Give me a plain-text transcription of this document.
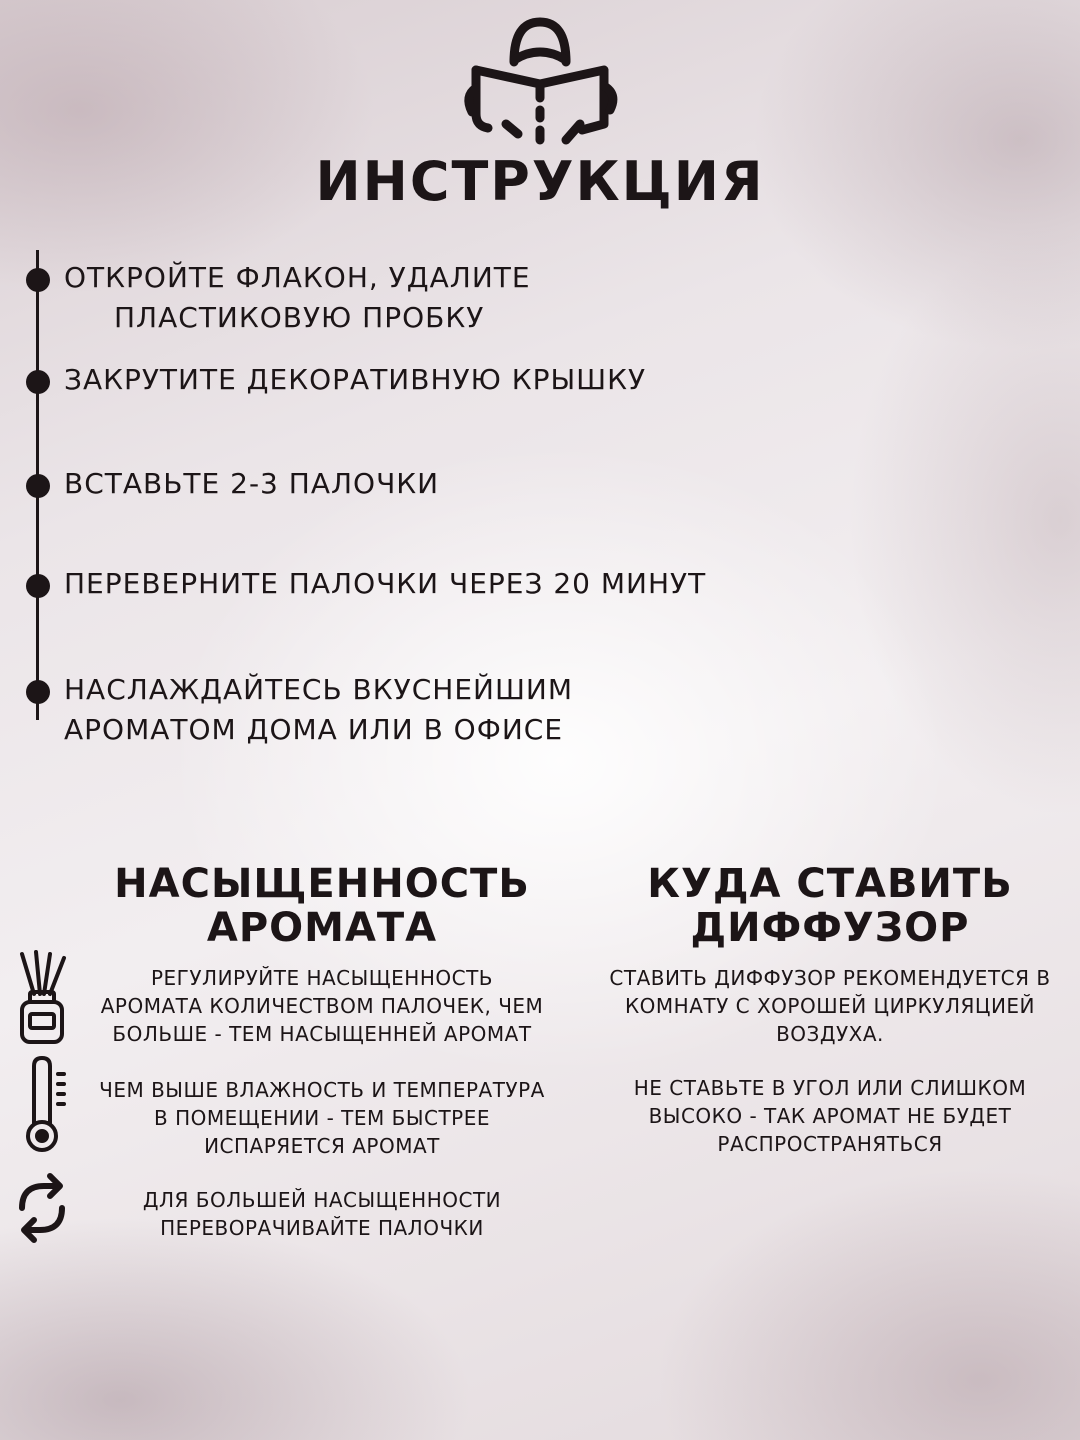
ИНСТРУКЦИЯ
ОТКРОЙТЕ ФЛАКОН, УДАЛИТЕ
ПЛАСТИКОВУЮ ПРОБКУ
ЗАКРУТИТЕ ДЕКОРАТИВНУЮ КРЫШКУ
ВСТАВЬТЕ 2-3 ПАЛОЧКИ
ПЕРЕВЕРНИТЕ ПАЛОЧКИ ЧЕРЕЗ 20 МИНУТ
НАСЛАЖДАЙТЕСЬ ВКУСНЕЙШИМ
АРОМАТОМ ДОМА ИЛИ В ОФИСЕ
НАСЫЩЕННОСТЬ
АРОМАТА
РЕГУЛИРУЙТЕ НАСЫЩЕННОСТЬ
АРОМАТА КОЛИЧЕСТВОМ ПАЛОЧЕК, ЧЕМ
БОЛЬШЕ - ТЕМ НАСЫЩЕННЕЙ АРОМАТ
ЧЕМ ВЫШЕ ВЛАЖНОСТЬ И ТЕМПЕРАТУРА
В ПОМЕЩЕНИИ - ТЕМ БЫСТРЕЕ
ИСПАРЯЕТСЯ АРОМАТ
ДЛЯ БОЛЬШЕЙ НАСЫЩЕННОСТИ
ПЕРЕВОРАЧИВАЙТЕ ПАЛОЧКИ
КУДА СТАВИТЬ
ДИФФУЗОР
СТАВИТЬ ДИФФУЗОР РЕКОМЕНДУЕТСЯ В
КОМНАТУ С ХОРОШЕЙ ЦИРКУЛЯЦИЕЙ
ВОЗДУХА.
НЕ СТАВЬТЕ В УГОЛ ИЛИ СЛИШКОМ
ВЫСОКО - ТАК АРОМАТ НЕ БУДЕТ
РАСПРОСТРАНЯТЬСЯ
